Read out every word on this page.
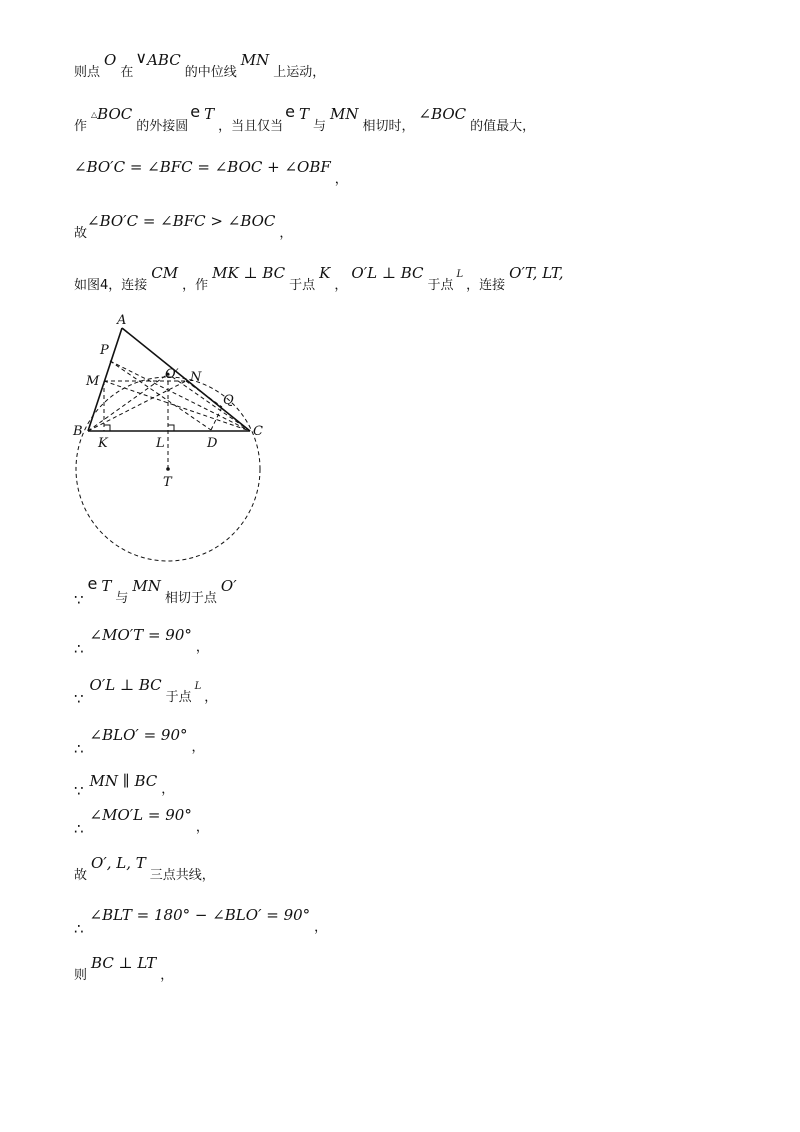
则点
O
在
∨ ABC
的中位线
MN
上运动，
作
△ BOC
的外接圆
e T
，当且仅当
e T
与
MN
相切时，
∠BOC
的值最大，
∠BO′C = ∠BFC = ∠BOC + ∠OBF
，
故
∠BO′C = ∠BFC > ∠BOC
，
如图4，连接
CM
，作
MK ⊥ BC
于点
K
，
O′L ⊥ BC
于点
L
，连接
O′T, LT,
A
P
M	O′ N
Q
B
K	L	D
C
T
∵
e T
与
MN
相切于点
O′
∴
∠MO′T = 90°
，
∵
O′L ⊥ BC
于点
L
，
∴
∠BLO′ = 90°
，
∵
MN ∥ BC ，
∴
∠MO′L = 90°
，
故
O′, L, T
三点共线，
∴
∠BLT = 180° − ∠BLO′ = 90°
，
则
BC ⊥ LT
，
